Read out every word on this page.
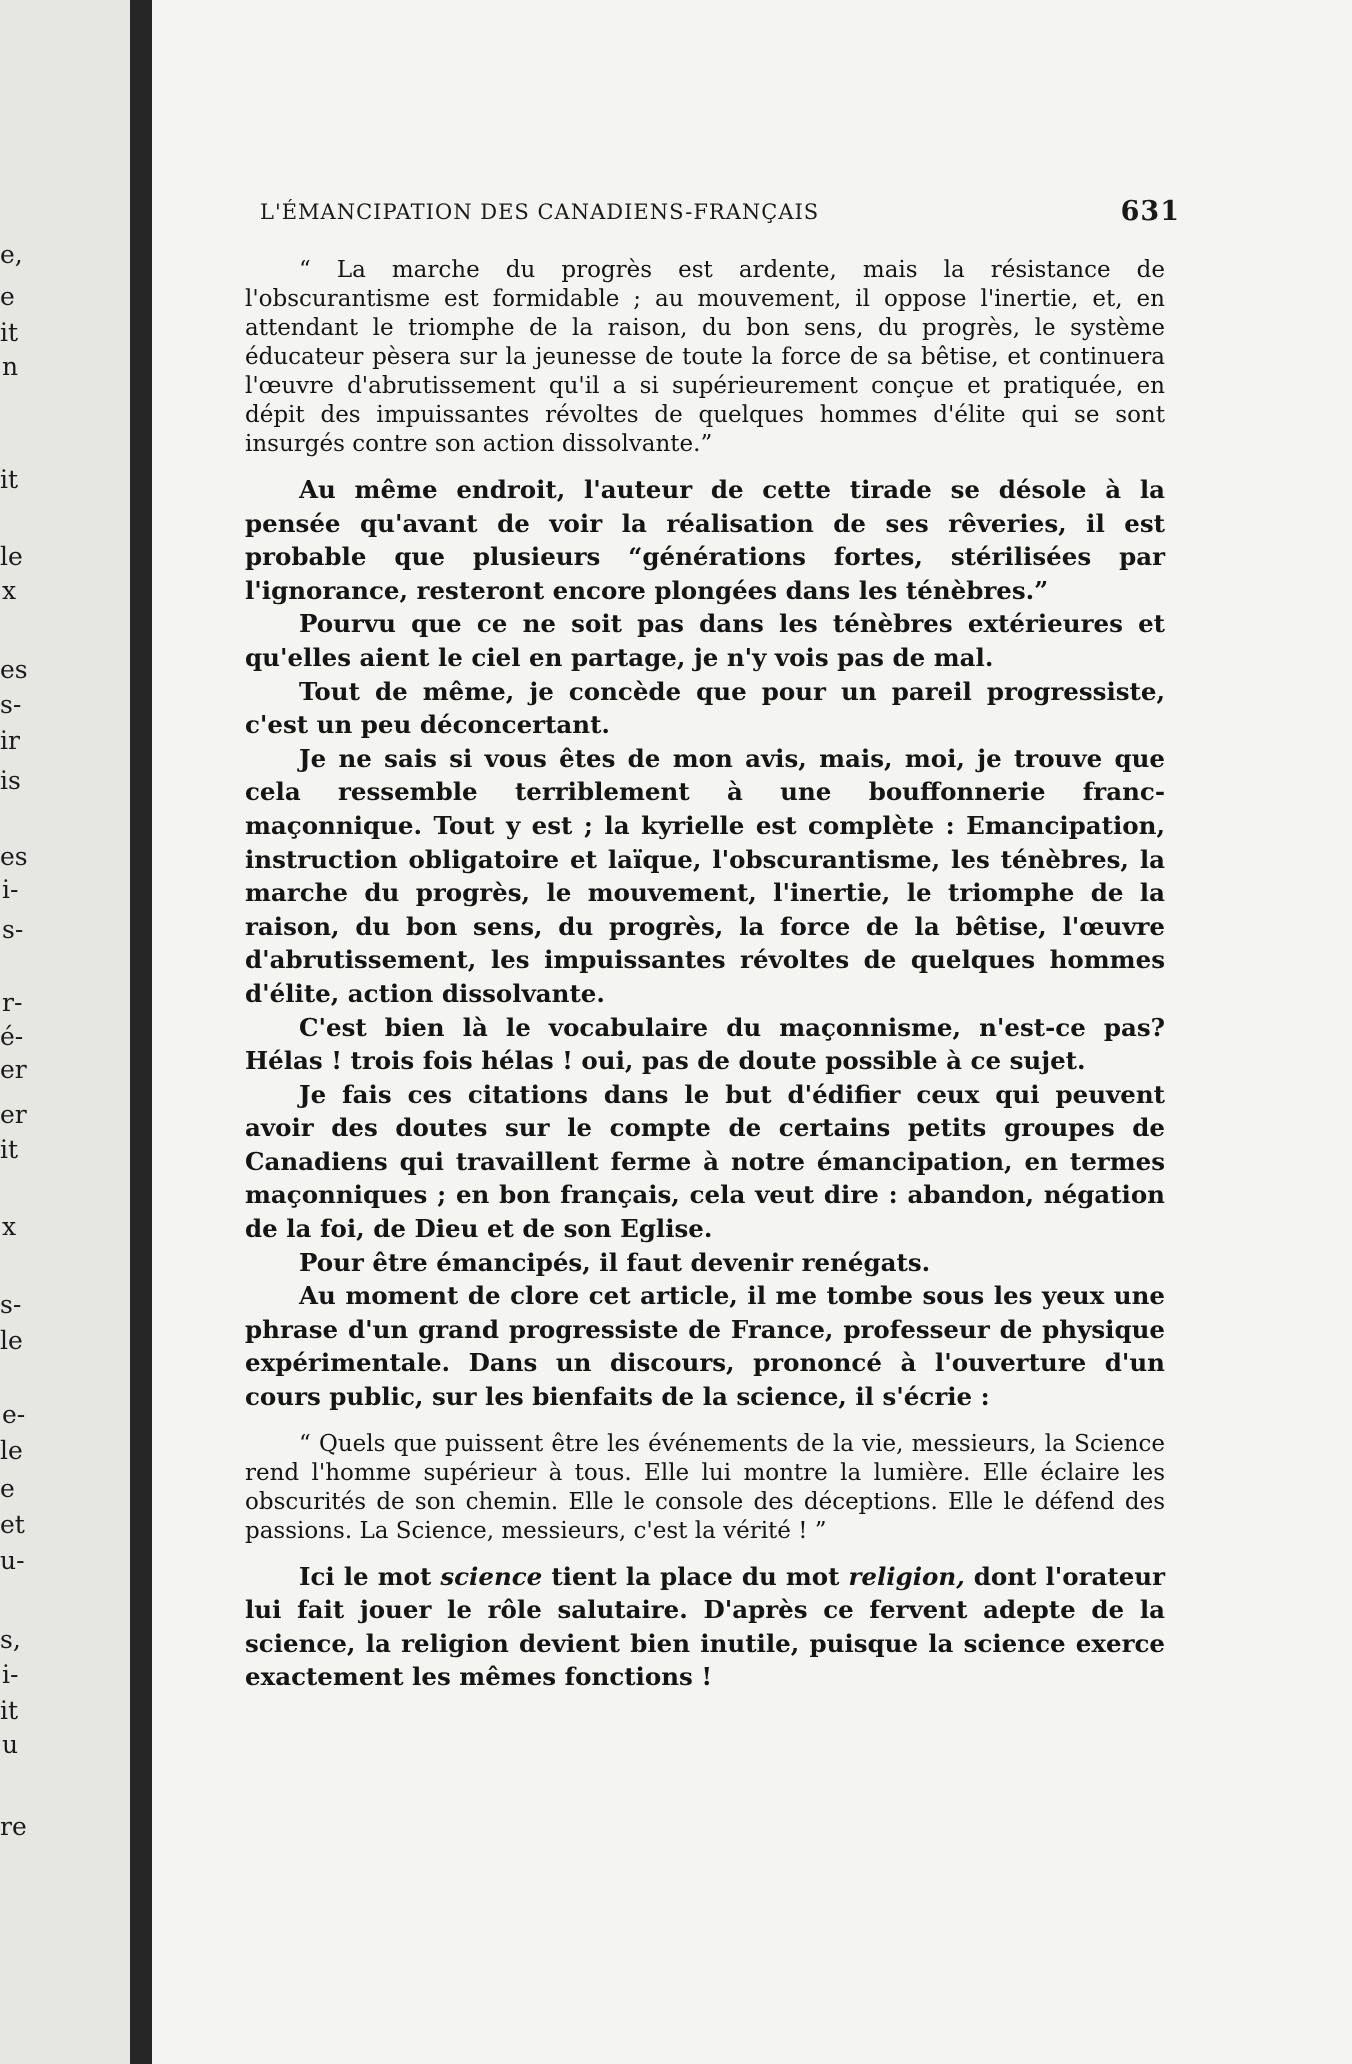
e,
e
it
n
it
le
x
es
s-
ir
is
es
i-
s-
r-
é-
er
er
it
x
s-
le
e-
le
e
et
u-
s,
i-
it
u
re
L'ÉMANCIPATION DES CANADIENS-FRANÇAIS	631

“ La marche du progrès est ardente, mais la résistance de l'obscurantisme est formidable ; au mouvement, il oppose l'inertie, et, en attendant le triomphe de la raison, du bon sens, du progrès, le système éducateur pèsera sur la jeunesse de toute la force de sa bêtise, et continuera l'œuvre d'abrutissement qu'il a si supérieurement conçue et pratiquée, en dépit des impuissantes révoltes de quelques hommes d'élite qui se sont insurgés contre son action dissolvante.”

Au même endroit, l'auteur de cette tirade se désole à la pensée qu'avant de voir la réalisation de ses rêveries, il est probable que plusieurs “générations fortes, stérilisées par l'ignorance, resteront encore plongées dans les ténèbres.”

Pourvu que ce ne soit pas dans les ténèbres extérieures et qu'elles aient le ciel en partage, je n'y vois pas de mal.

Tout de même, je concède que pour un pareil progressiste, c'est un peu déconcertant.

Je ne sais si vous êtes de mon avis, mais, moi, je trouve que cela ressemble terriblement à une bouffonnerie franc-maçonnique. Tout y est ; la kyrielle est complète : Emancipation, instruction obligatoire et laïque, l'obscurantisme, les ténèbres, la marche du progrès, le mouvement, l'inertie, le triomphe de la raison, du bon sens, du progrès, la force de la bêtise, l'œuvre d'abrutissement, les impuissantes révoltes de quelques hommes d'élite, action dissolvante.

C'est bien là le vocabulaire du maçonnisme, n'est-ce pas? Hélas ! trois fois hélas ! oui, pas de doute possible à ce sujet.

Je fais ces citations dans le but d'édifier ceux qui peuvent avoir des doutes sur le compte de certains petits groupes de Canadiens qui travaillent ferme à notre émancipation, en termes maçonniques ; en bon français, cela veut dire : abandon, négation de la foi, de Dieu et de son Eglise.

Pour être émancipés, il faut devenir renégats.

Au moment de clore cet article, il me tombe sous les yeux une phrase d'un grand progressiste de France, professeur de physique expérimentale. Dans un discours, prononcé à l'ouverture d'un cours public, sur les bienfaits de la science, il s'écrie :

“ Quels que puissent être les événements de la vie, messieurs, la Science rend l'homme supérieur à tous. Elle lui montre la lumière. Elle éclaire les obscurités de son chemin. Elle le console des déceptions. Elle le défend des passions. La Science, messieurs, c'est la vérité ! ”

Ici le mot science tient la place du mot religion, dont l'orateur lui fait jouer le rôle salutaire. D'après ce fervent adepte de la science, la religion devient bien inutile, puisque la science exerce exactement les mêmes fonctions !
